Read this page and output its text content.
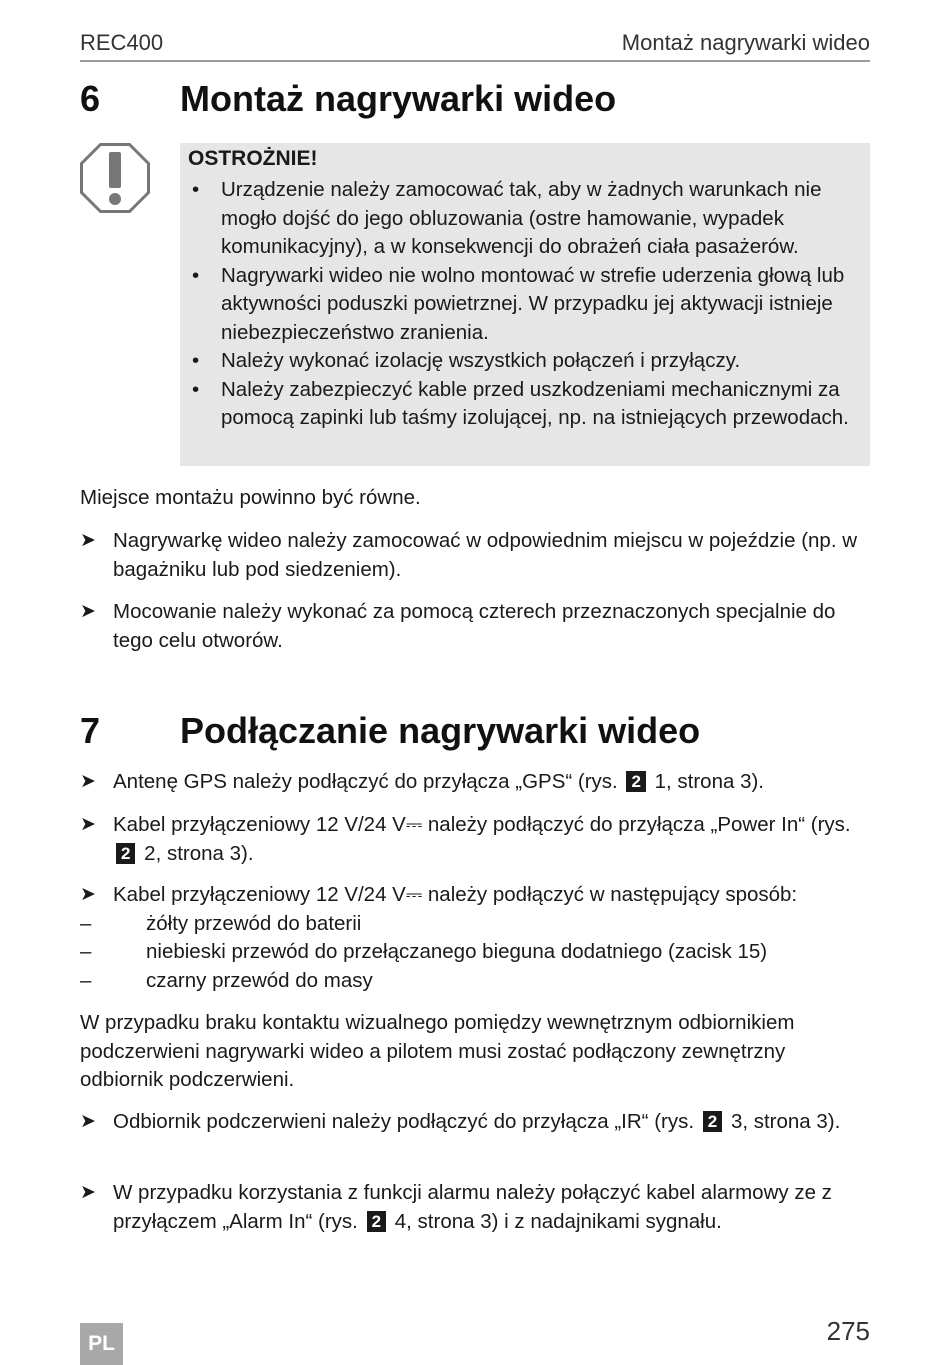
REC400	Montaż nagrywarki wideo
6 Montaż nagrywarki wideo
OSTROŻNIE!
• Urządzenie należy zamocować tak, aby w żadnych warunkach nie mogło dojść do jego obluzowania (ostre hamowanie, wypadek komunikacyjny), a w konsekwencji do obrażeń ciała pasażerów.
• Nagrywarki wideo nie wolno montować w strefie uderzenia głową lub aktywności poduszki powietrznej. W przypadku jej aktywacji istnieje niebezpieczeństwo zranienia.
• Należy wykonać izolację wszystkich połączeń i przyłączy.
• Należy zabezpieczyć kable przed uszkodzeniami mechanicznymi za pomocą zapinki lub taśmy izolującej, np. na istniejących przewodach.
Miejsce montażu powinno być równe.
➤ Nagrywarkę wideo należy zamocować w odpowiednim miejscu w pojeździe (np. w bagażniku lub pod siedzeniem).
➤ Mocowanie należy wykonać za pomocą czterech przeznaczonych specjalnie do tego celu otworów.
7 Podłączanie nagrywarki wideo
➤ Antenę GPS należy podłączyć do przyłącza „GPS“ (rys. 2 1, strona 3).
➤ Kabel przyłączeniowy 12 V/24 V⎓ należy podłączyć do przyłącza „Power In“ (rys. 2 2, strona 3).
➤ Kabel przyłączeniowy 12 V/24 V⎓ należy podłączyć w następujący sposób:
–	żółty przewód do baterii
–	niebieski przewód do przełączanego bieguna dodatniego (zacisk 15)
–	czarny przewód do masy
W przypadku braku kontaktu wizualnego pomiędzy wewnętrznym odbiornikiem podczerwieni nagrywarki wideo a pilotem musi zostać podłączony zewnętrzny odbiornik podczerwieni.
➤ Odbiornik podczerwieni należy podłączyć do przyłącza „IR“ (rys. 2 3, strona 3).
➤ W przypadku korzystania z funkcji alarmu należy połączyć kabel alarmowy ze z przyłączem „Alarm In“ (rys. 2 4, strona 3) i z nadajnikami sygnału.
275
PL
